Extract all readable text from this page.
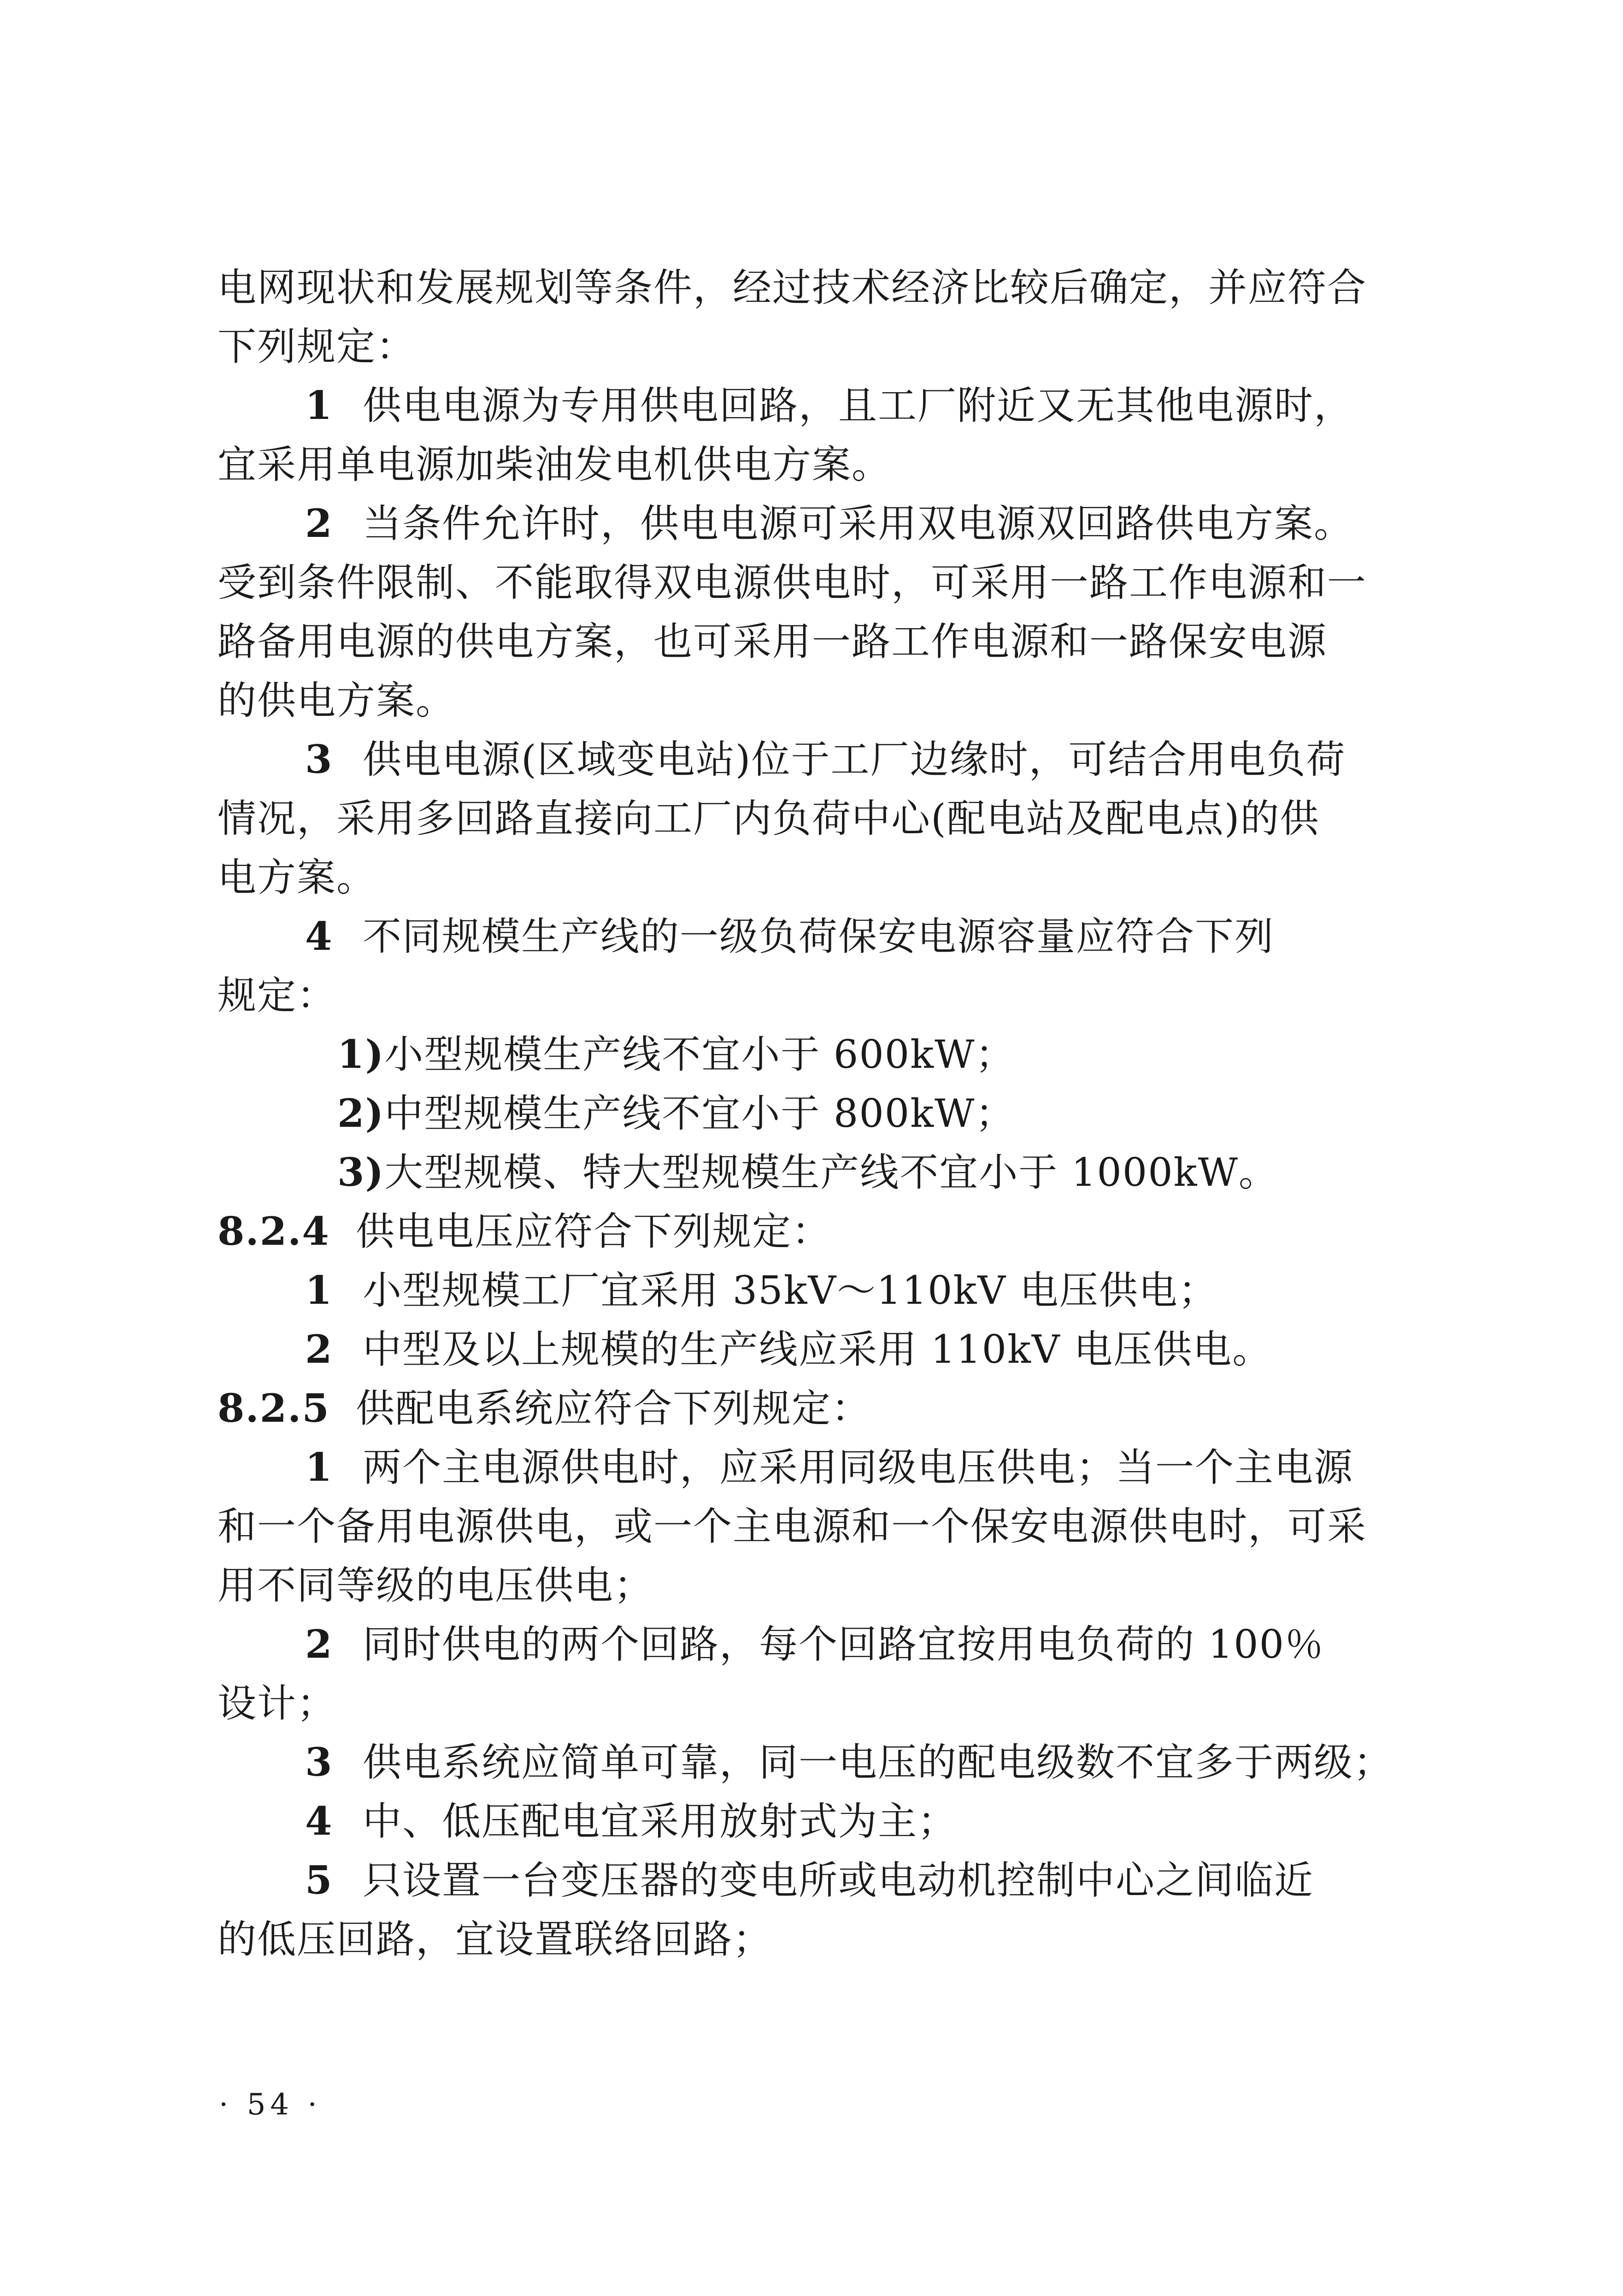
电网现状和发展规划等条件，经过技术经济比较后确定，并应符合

下列规定：

1 供电电源为专用供电回路，且工厂附近又无其他电源时，

宜采用单电源加柴油发电机供电方案。

2 当条件允许时，供电电源可采用双电源双回路供电方案。

受到条件限制、不能取得双电源供电时，可采用一路工作电源和一

路备用电源的供电方案，也可采用一路工作电源和一路保安电源

的供电方案。

3 供电电源(区域变电站)位于工厂边缘时，可结合用电负荷

情况，采用多回路直接向工厂内负荷中心(配电站及配电点)的供

电方案。

4 不同规模生产线的一级负荷保安电源容量应符合下列

规定：

1)小型规模生产线不宜小于 600kW；

2)中型规模生产线不宜小于 800kW；

3)大型规模、特大型规模生产线不宜小于 1000kW。

8.2.4 供电电压应符合下列规定：

1 小型规模工厂宜采用 35kV～110kV 电压供电；

2 中型及以上规模的生产线应采用 110kV 电压供电。

8.2.5 供配电系统应符合下列规定：

1 两个主电源供电时，应采用同级电压供电；当一个主电源

和一个备用电源供电，或一个主电源和一个保安电源供电时，可采

用不同等级的电压供电；

2 同时供电的两个回路，每个回路宜按用电负荷的 100％

设计；

3 供电系统应简单可靠，同一电压的配电级数不宜多于两级；

4 中、低压配电宜采用放射式为主；

5 只设置一台变压器的变电所或电动机控制中心之间临近

的低压回路，宜设置联络回路；

· 54 ·
